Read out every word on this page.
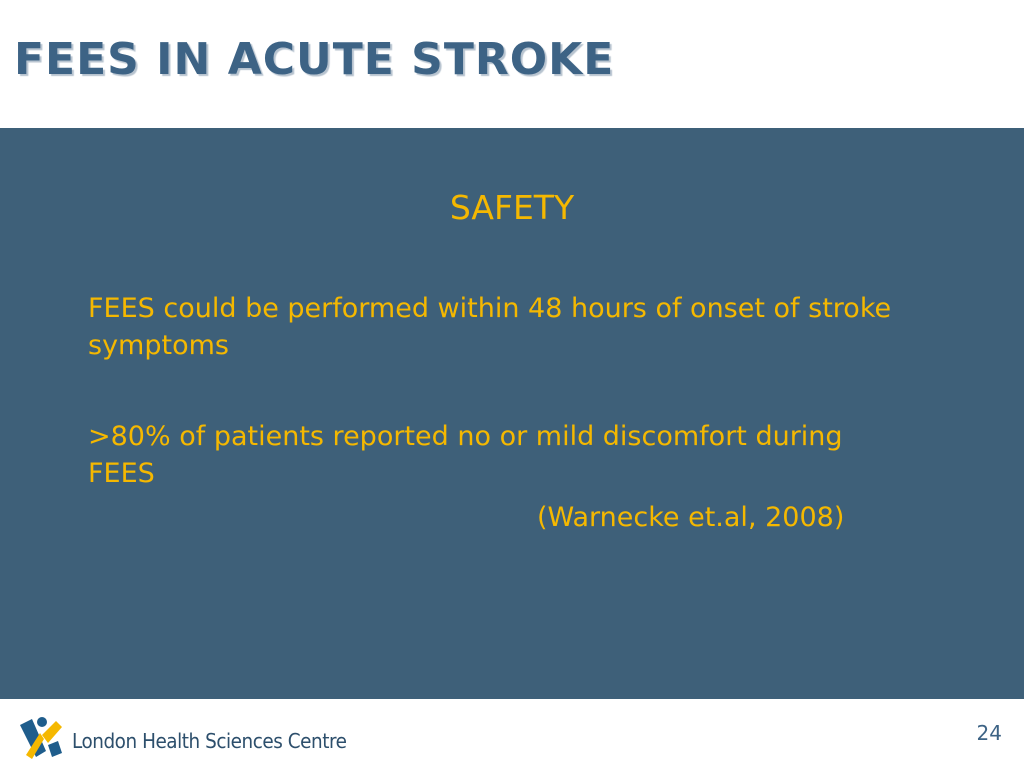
FEES IN ACUTE STROKE
SAFETY

FEES could be performed within 48 hours of onset of stroke symptoms

>80% of patients reported no or mild discomfort during FEES

(Warnecke et.al, 2008)
London Health Sciences Centre	24
